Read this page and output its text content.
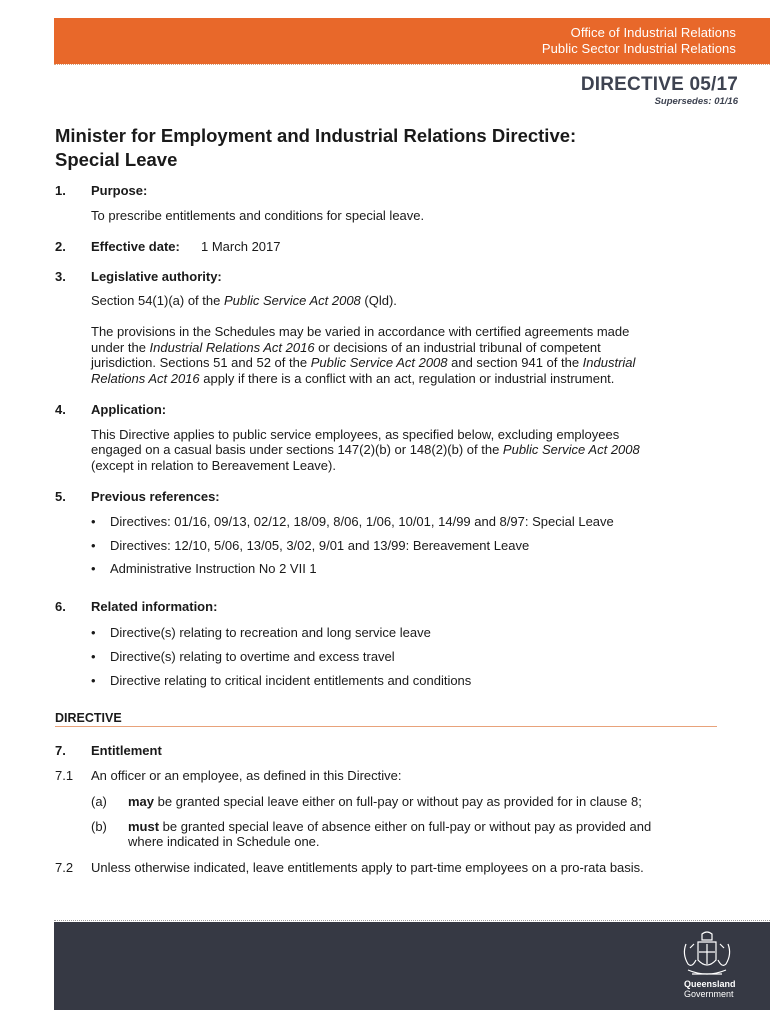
Office of Industrial Relations
Public Sector Industrial Relations
DIRECTIVE 05/17
Supersedes: 01/16
Minister for Employment and Industrial Relations Directive:
Special Leave
1. Purpose:
To prescribe entitlements and conditions for special leave.
2. Effective date: 1 March 2017
3. Legislative authority:
Section 54(1)(a) of the Public Service Act 2008 (Qld).
The provisions in the Schedules may be varied in accordance with certified agreements made
under the Industrial Relations Act 2016 or decisions of an industrial tribunal of competent
jurisdiction. Sections 51 and 52 of the Public Service Act 2008 and section 941 of the Industrial
Relations Act 2016 apply if there is a conflict with an act, regulation or industrial instrument.
4. Application:
This Directive applies to public service employees, as specified below, excluding employees
engaged on a casual basis under sections 147(2)(b) or 148(2)(b) of the Public Service Act 2008
(except in relation to Bereavement Leave).
5. Previous references:
• Directives: 01/16, 09/13, 02/12, 18/09, 8/06, 1/06, 10/01, 14/99 and 8/97: Special Leave
• Directives: 12/10, 5/06, 13/05, 3/02, 9/01 and 13/99: Bereavement Leave
• Administrative Instruction No 2 VII 1
6. Related information:
• Directive(s) relating to recreation and long service leave
• Directive(s) relating to overtime and excess travel
• Directive relating to critical incident entitlements and conditions
DIRECTIVE
7. Entitlement
7.1 An officer or an employee, as defined in this Directive:
(a) may be granted special leave either on full-pay or without pay as provided for in clause 8;
(b) must be granted special leave of absence either on full-pay or without pay as provided and
where indicated in Schedule one.
7.2 Unless otherwise indicated, leave entitlements apply to part-time employees on a pro-rata basis.
Queensland
Government
